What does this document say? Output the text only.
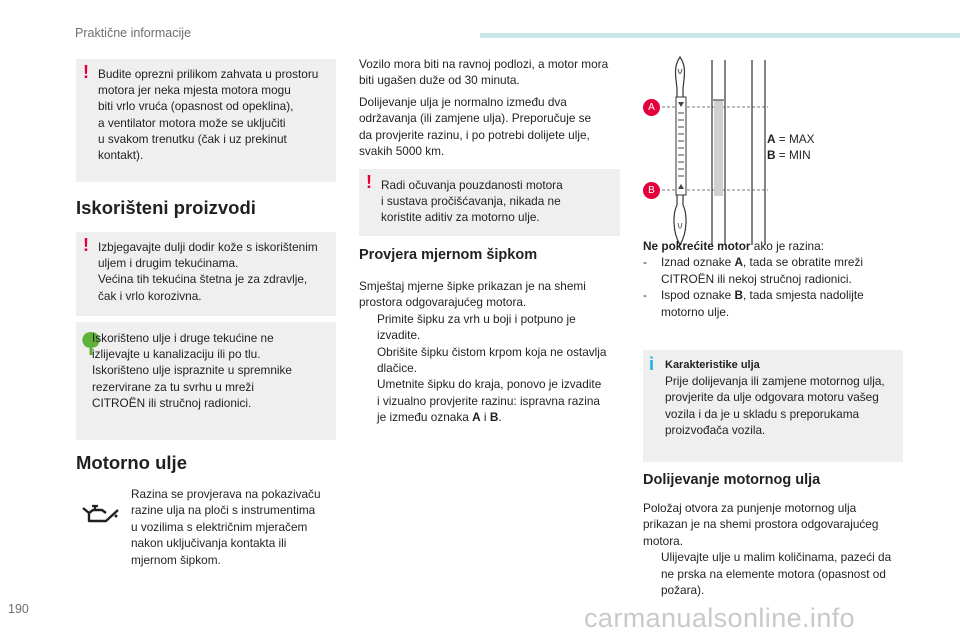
Praktične informacije
! Budite oprezni prilikom zahvata u prostoru
motora jer neka mjesta motora mogu
biti vrlo vruća (opasnost od opeklina),
a ventilator motora može se uključiti
u svakom trenutku (čak i uz prekinut
kontakt).
Iskorišteni proizvodi
! Izbjegavajte dulji dodir kože s iskorištenim
uljem i drugim tekućinama.
Većina tih tekućina štetna je za zdravlje,
čak i vrlo korozivna.
Iskorišteno ulje i druge tekućine ne
izlijevajte u kanalizaciju ili po tlu.
Iskorišteno ulje ispraznite u spremnike
rezervirane za tu svrhu u mreži
CITROËN ili stručnoj radionici.
Motorno ulje
Razina se provjerava na pokazivaču
razine ulja na ploči s instrumentima
u vozilima s električnim mjeračem
nakon uključivanja kontakta ili
mjernom šipkom.
Vozilo mora biti na ravnoj podlozi, a motor mora
biti ugašen duže od 30 minuta.
Dolijevanje ulja je normalno između dva
održavanja (ili zamjene ulja). Preporučuje se
da provjerite razinu, i po potrebi dolijete ulje,
svakih 5000 km.
! Radi očuvanja pouzdanosti motora
i sustava pročišćavanja, nikada ne
koristite aditiv za motorno ulje.
Provjera mjernom šipkom
Smještaj mjerne šipke prikazan je na shemi
prostora odgovarajućeg motora.
Primite šipku za vrh u boji i potpuno je
izvadite.
Obrišite šipku čistom krpom koja ne ostavlja
dlačice.
Umetnite šipku do kraja, ponovo je izvadite
i vizualno provjerite razinu: ispravna razina
je između oznaka A i B.
A
B
A = MAX
B = MIN
Ne pokrećite motor ako je razina:
- Iznad oznake A, tada se obratite mreži
CITROËN ili nekoj stručnoj radionici.
- Ispod oznake B, tada smjesta nadolijte
motorno ulje.
i Karakteristike ulja
Prije dolijevanja ili zamjene motornog ulja,
provjerite da ulje odgovara motoru vašeg
vozila i da je u skladu s preporukama
proizvođača vozila.
Dolijevanje motornog ulja
Položaj otvora za punjenje motornog ulja
prikazan je na shemi prostora odgovarajućeg
motora.
Ulijevajte ulje u malim količinama, pazeći da
ne prska na elemente motora (opasnost od
požara).
190	carmanualsonline.info
